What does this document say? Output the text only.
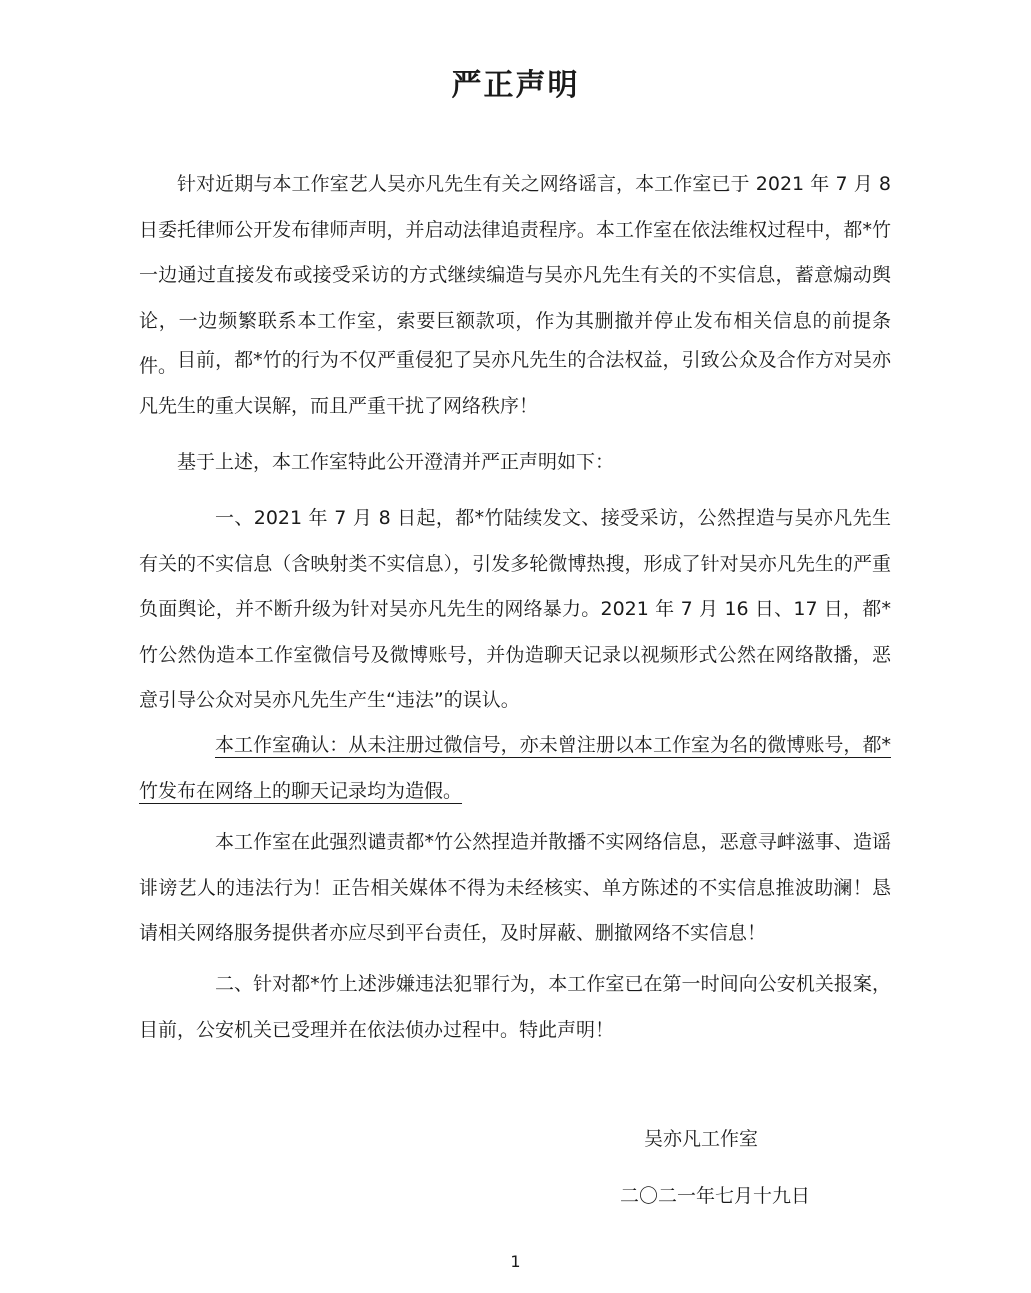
严正声明

针对近期与本工作室艺人吴亦凡先生有关之网络谣言，本工作室已于 2021 年 7 月 8 日委托律师公开发布律师声明，并启动法律追责程序。本工作室在依法维权过程中，都*竹一边通过直接发布或接受采访的方式继续编造与吴亦凡先生有关的不实信息，蓄意煽动舆论，一边频繁联系本工作室，索要巨额款项，作为其删撤并停止发布相关信息的前提条件。 目前，都*竹的行为不仅严重侵犯了吴亦凡先生的合法权益，引致公众及合作方对吴亦凡先生的重大误解，而且严重干扰了网络秩序！

基于上述，本工作室特此公开澄清并严正声明如下：

一、2021 年 7 月 8 日起，都*竹陆续发文、接受采访，公然捏造与吴亦凡先生有关的不实信息（含映射类不实信息），引发多轮微博热搜，形成了针对吴亦凡先生的严重负面舆论，并不断升级为针对吴亦凡先生的网络暴力。2021 年 7 月 16 日、17 日，都*竹公然伪造本工作室微信号及微博账号，并伪造聊天记录以视频形式公然在网络散播，恶意引导公众对吴亦凡先生产生“违法”的误认。

本工作室确认：从未注册过微信号，亦未曾注册以本工作室为名的微博账号，都*竹发布在网络上的聊天记录均为造假。

本工作室在此强烈谴责都*竹公然捏造并散播不实网络信息，恶意寻衅滋事、造谣诽谤艺人的违法行为！正告相关媒体不得为未经核实、单方陈述的不实信息推波助澜！恳请相关网络服务提供者亦应尽到平台责任，及时屏蔽、删撤网络不实信息！

二、针对都*竹上述涉嫌违法犯罪行为，本工作室已在第一时间向公安机关报案，目前，公安机关已受理并在依法侦办过程中。特此声明！

吴亦凡工作室
二〇二一年七月十九日
1
